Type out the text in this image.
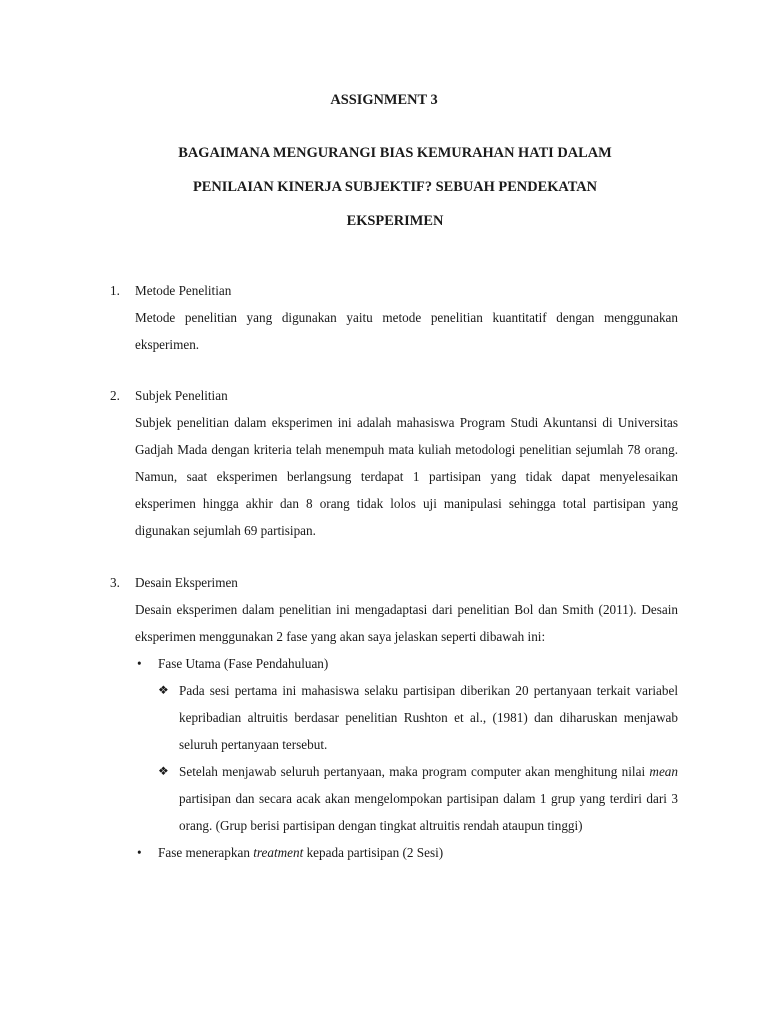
ASSIGNMENT 3
BAGAIMANA MENGURANGI BIAS KEMURAHAN HATI DALAM
PENILAIAN KINERJA SUBJEKTIF? SEBUAH PENDEKATAN
EKSPERIMEN
1. Metode Penelitian
Metode penelitian yang digunakan yaitu metode penelitian kuantitatif dengan menggunakan eksperimen.
2. Subjek Penelitian
Subjek penelitian dalam eksperimen ini adalah mahasiswa Program Studi Akuntansi di Universitas Gadjah Mada dengan kriteria telah menempuh mata kuliah metodologi penelitian sejumlah 78 orang. Namun, saat eksperimen berlangsung terdapat 1 partisipan yang tidak dapat menyelesaikan eksperimen hingga akhir dan 8 orang tidak lolos uji manipulasi sehingga total partisipan yang digunakan sejumlah 69 partisipan.
3. Desain Eksperimen
Desain eksperimen dalam penelitian ini mengadaptasi dari penelitian Bol dan Smith (2011). Desain eksperimen menggunakan 2 fase yang akan saya jelaskan seperti dibawah ini:
• Fase Utama (Fase Pendahuluan)
❖ Pada sesi pertama ini mahasiswa selaku partisipan diberikan 20 pertanyaan terkait variabel kepribadian altruitis berdasar penelitian Rushton et al., (1981) dan diharuskan menjawab seluruh pertanyaan tersebut.
❖ Setelah menjawab seluruh pertanyaan, maka program computer akan menghitung nilai mean partisipan dan secara acak akan mengelompokan partisipan dalam 1 grup yang terdiri dari 3 orang. (Grup berisi partisipan dengan tingkat altruitis rendah ataupun tinggi)
• Fase menerapkan treatment kepada partisipan (2 Sesi)
